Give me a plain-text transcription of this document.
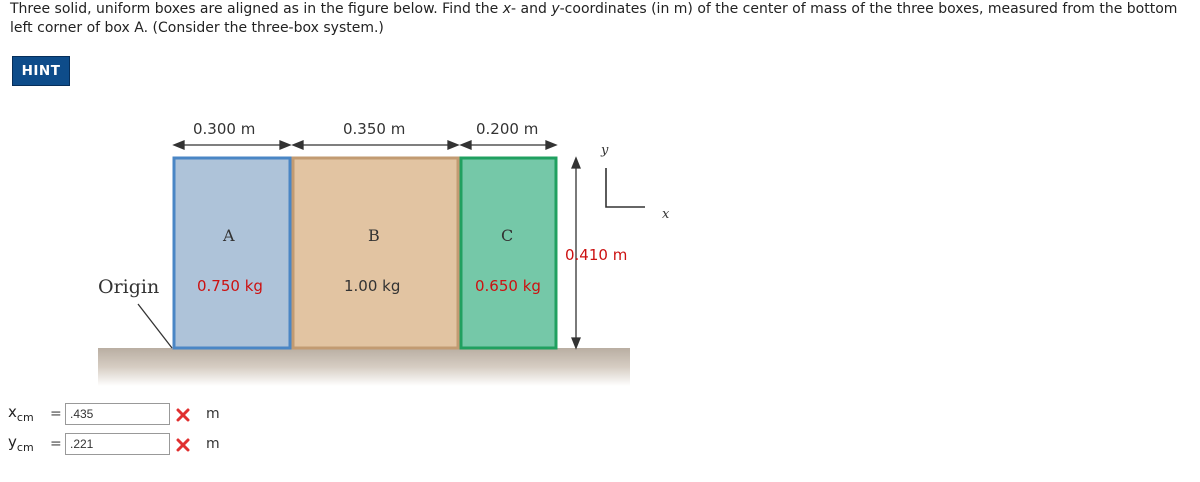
Three solid, uniform boxes are aligned as in the figure below. Find the x- and y-coordinates (in m) of the center of mass of the three boxes, measured from the bottom left corner of box A. (Consider the three-box system.)
HINT
0.300 m	0.350 m	0.200 m
A	B	C
0.750 kg	1.00 kg	0.650 kg
Origin
0.410 m
y
x
$x_{cm}$ =
.435	m
$y_{cm}$ =
.221	m
